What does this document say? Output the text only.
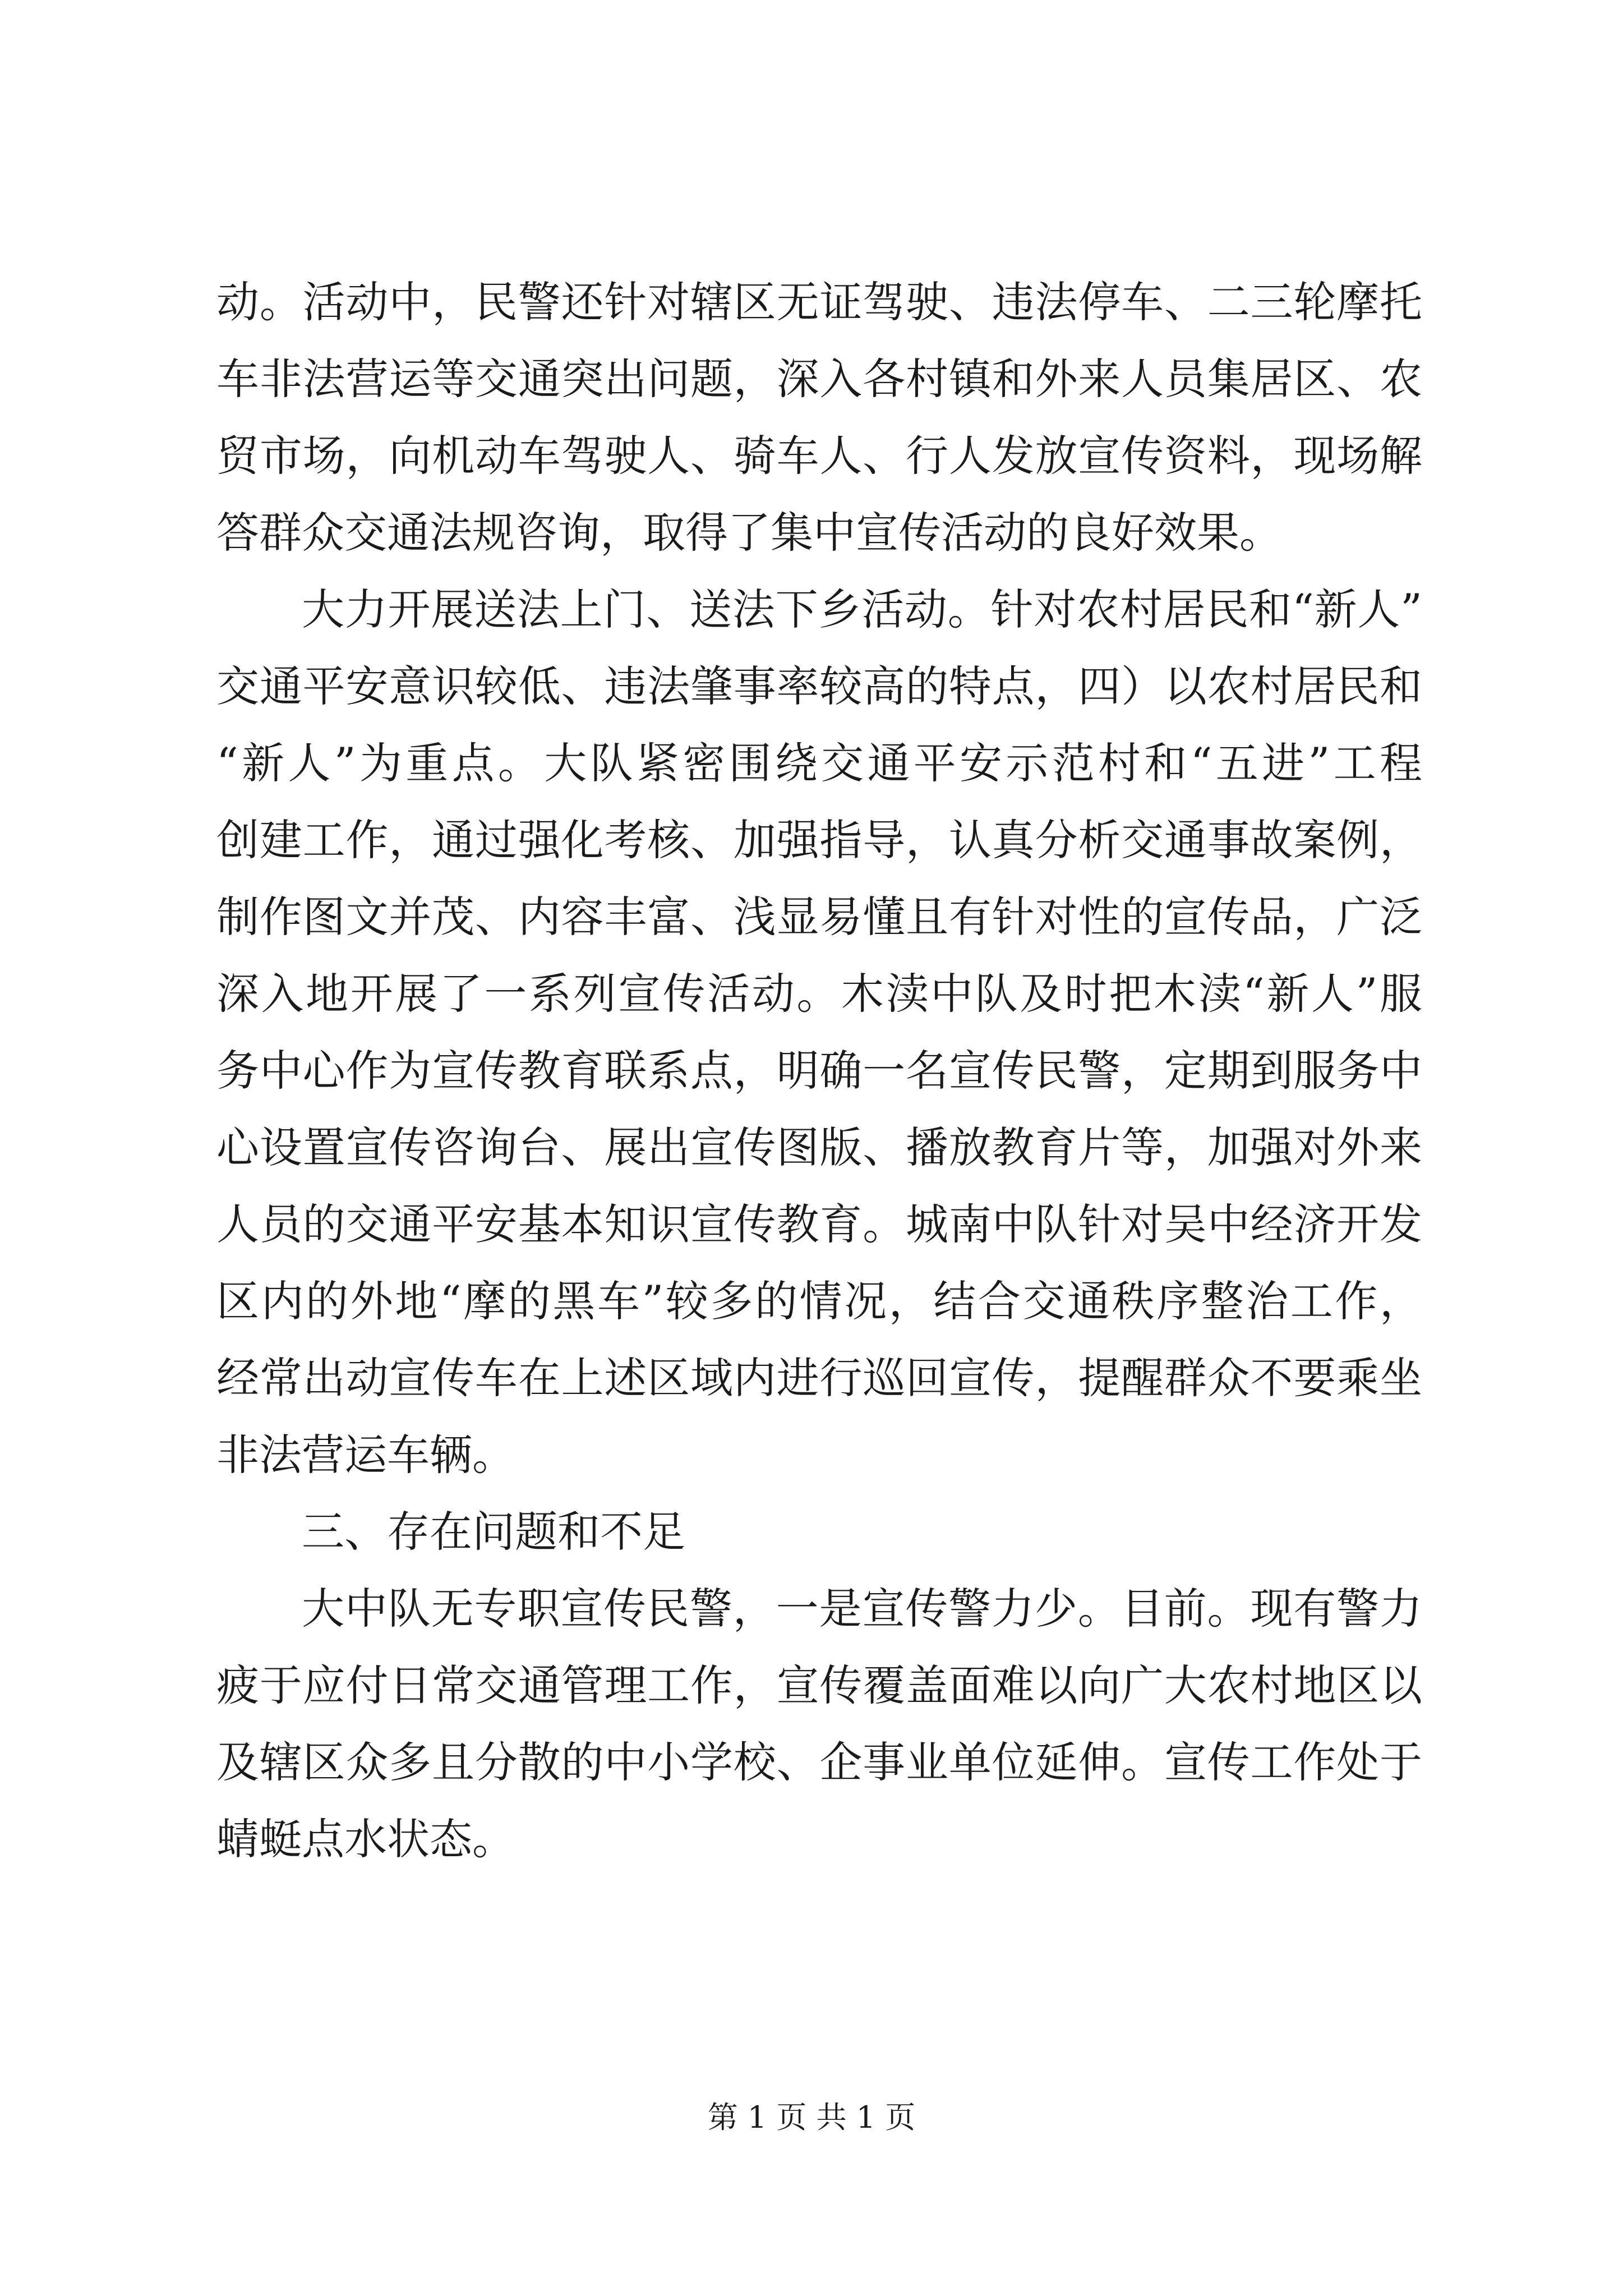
动。活动中，民警还针对辖区无证驾驶、违法停车、二三轮摩托
车非法营运等交通突出问题，深入各村镇和外来人员集居区、农
贸市场，向机动车驾驶人、骑车人、行人发放宣传资料，现场解
答群众交通法规咨询，取得了集中宣传活动的良好效果。
大力开展送法上门、送法下乡活动。针对农村居民和“新人”
交通平安意识较低、违法肇事率较高的特点，四）以农村居民和
“新人”为重点。大队紧密围绕交通平安示范村和“五进”工程
创建工作，通过强化考核、加强指导，认真分析交通事故案例，
制作图文并茂、内容丰富、浅显易懂且有针对性的宣传品，广泛
深入地开展了一系列宣传活动。木渎中队及时把木渎“新人”服
务中心作为宣传教育联系点，明确一名宣传民警，定期到服务中
心设置宣传咨询台、展出宣传图版、播放教育片等，加强对外来
人员的交通平安基本知识宣传教育。城南中队针对吴中经济开发
区内的外地“摩的黑车”较多的情况，结合交通秩序整治工作，
经常出动宣传车在上述区域内进行巡回宣传，提醒群众不要乘坐
非法营运车辆。
三、存在问题和不足
大中队无专职宣传民警，一是宣传警力少。目前。现有警力
疲于应付日常交通管理工作，宣传覆盖面难以向广大农村地区以
及辖区众多且分散的中小学校、企事业单位延伸。宣传工作处于
蜻蜓点水状态。
第 1 页 共 1 页
